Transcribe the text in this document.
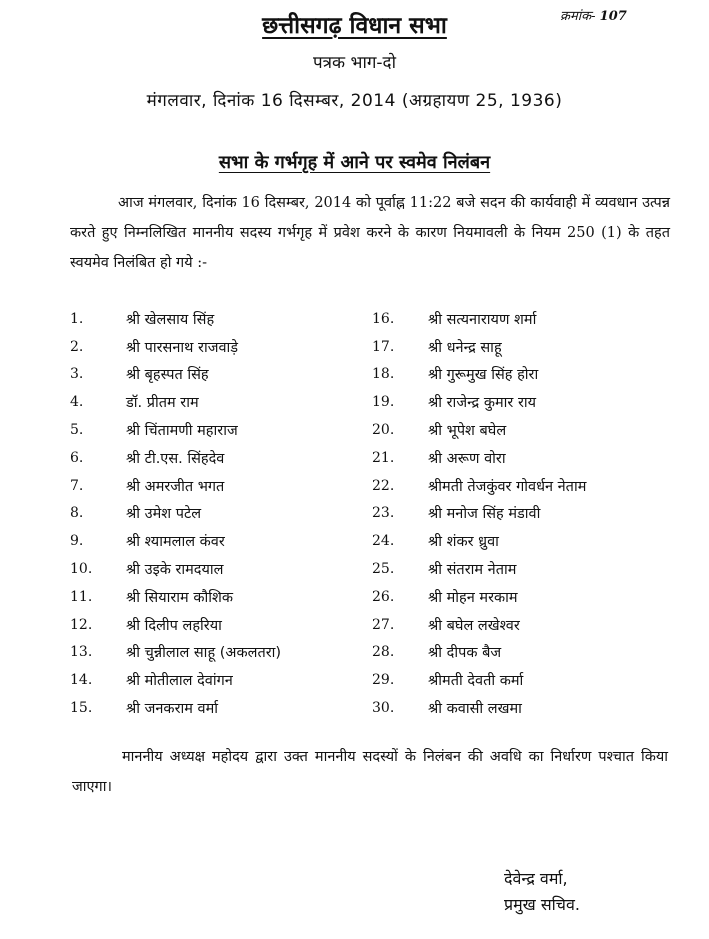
क्रमांक- 107
छत्तीसगढ़ विधान सभा
पत्रक भाग-दो
मंगलवार, दिनांक 16 दिसम्बर, 2014 (अग्रहायण 25, 1936)
सभा के गर्भगृह में आने पर स्वमेव निलंबन

आज मंगलवार, दिनांक 16 दिसम्बर, 2014 को पूर्वाह्न 11:22 बजे सदन की कार्यवाही में व्यवधान उत्पन्न करते हुए निम्नलिखित माननीय सदस्य गर्भगृह में प्रवेश करने के कारण नियमावली के नियम 250 (1) के तहत स्वयमेव निलंबित हो गये :-

1.	श्री खेलसाय सिंह
2.	श्री पारसनाथ राजवाड़े
3.	श्री बृहस्पत सिंह
4.	डॉ. प्रीतम राम
5.	श्री चिंतामणी महाराज
6.	श्री टी.एस. सिंहदेव
7.	श्री अमरजीत भगत
8.	श्री उमेश पटेल
9.	श्री श्यामलाल कंवर
10.	श्री उइके रामदयाल
11.	श्री सियाराम कौशिक
12.	श्री दिलीप लहरिया
13.	श्री चुन्नीलाल साहू (अकलतरा)
14.	श्री मोतीलाल देवांगन
15.	श्री जनकराम वर्मा
16.	श्री सत्यनारायण शर्मा
17.	श्री धनेन्द्र साहू
18.	श्री गुरूमुख सिंह होरा
19.	श्री राजेन्द्र कुमार राय
20.	श्री भूपेश बघेल
21.	श्री अरूण वोरा
22.	श्रीमती तेजकुंवर गोवर्धन नेताम
23.	श्री मनोज सिंह मंडावी
24.	श्री शंकर ध्रुवा
25.	श्री संतराम नेताम
26.	श्री मोहन मरकाम
27.	श्री बघेल लखेश्वर
28.	श्री दीपक बैज
29.	श्रीमती देवती कर्मा
30.	श्री कवासी लखमा

माननीय अध्यक्ष महोदय द्वारा उक्त माननीय सदस्यों के निलंबन की अवधि का निर्धारण पश्चात किया जाएगा।

देवेन्द्र वर्मा,
प्रमुख सचिव.
